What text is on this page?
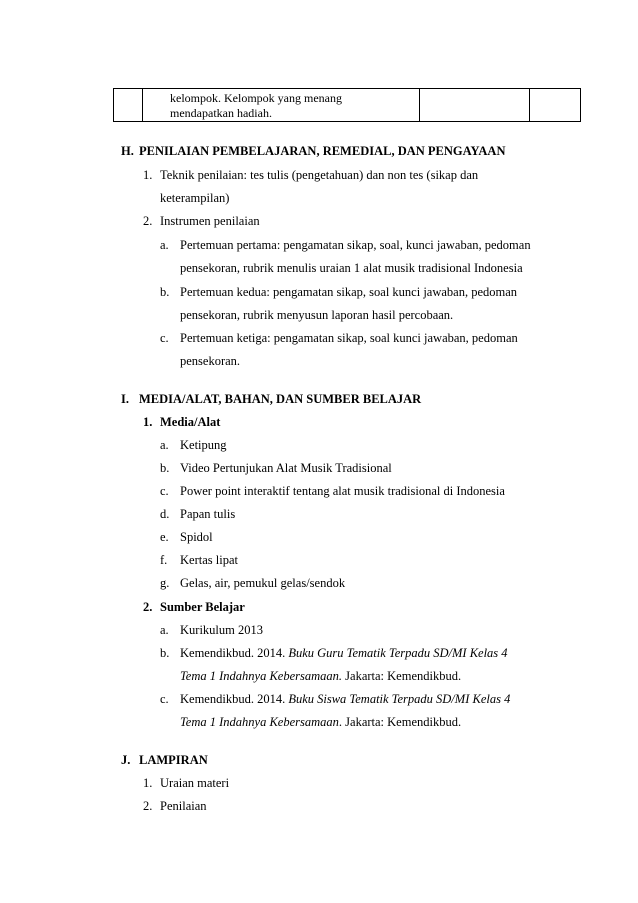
kelompok. Kelompok yang menang
mendapatkan hadiah.

H. PENILAIAN PEMBELAJARAN, REMEDIAL, DAN PENGAYAAN
1. Teknik penilaian: tes tulis (pengetahuan) dan non tes (sikap dan
keterampilan)
2. Instrumen penilaian
a. Pertemuan pertama: pengamatan sikap, soal, kunci jawaban, pedoman
pensekoran, rubrik menulis uraian 1 alat musik tradisional Indonesia
b. Pertemuan kedua: pengamatan sikap, soal kunci jawaban, pedoman
pensekoran, rubrik menyusun laporan hasil percobaan.
c. Pertemuan ketiga: pengamatan sikap, soal kunci jawaban, pedoman
pensekoran.
I. MEDIA/ALAT, BAHAN, DAN SUMBER BELAJAR
1. Media/Alat
a. Ketipung
b. Video Pertunjukan Alat Musik Tradisional
c. Power point interaktif tentang alat musik tradisional di Indonesia
d. Papan tulis
e. Spidol
f. Kertas lipat
g. Gelas, air, pemukul gelas/sendok
2. Sumber Belajar
a. Kurikulum 2013
b. Kemendikbud. 2014. Buku Guru Tematik Terpadu SD/MI Kelas 4
Tema 1 Indahnya Kebersamaan. Jakarta: Kemendikbud.
c. Kemendikbud. 2014. Buku Siswa Tematik Terpadu SD/MI Kelas 4
Tema 1 Indahnya Kebersamaan. Jakarta: Kemendikbud.
J. LAMPIRAN
1. Uraian materi
2. Penilaian
